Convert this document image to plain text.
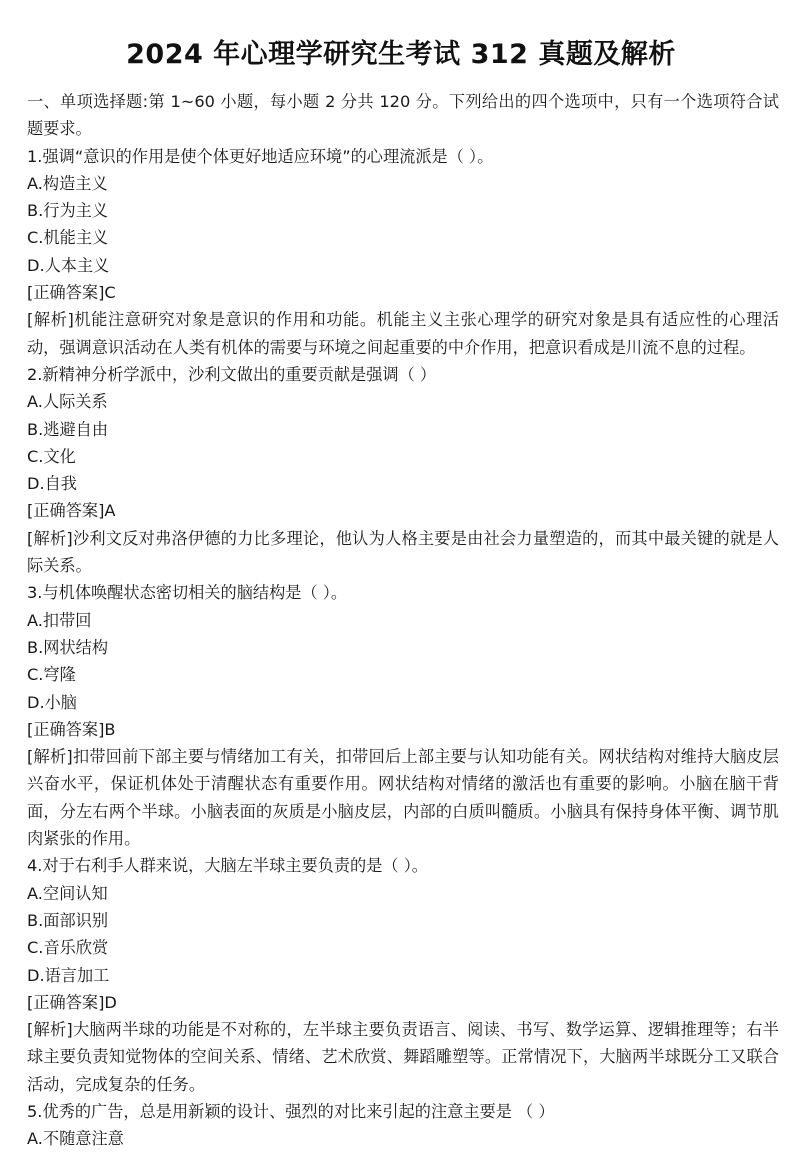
2024 年心理学研究生考试 312 真题及解析
一、单项选择题:第 1~60 小题，每小题 2 分共 120 分。下列给出的四个选项中，只有一个选项符合试题要求。
1.强调“意识的作用是使个体更好地适应环境”的心理流派是（ ）。
A.构造主义
B.行为主义
C.机能主义
D.人本主义
[正确答案]C
[解析]机能注意研究对象是意识的作用和功能。机能主义主张心理学的研究对象是具有适应性的心理活动，强调意识活动在人类有机体的需要与环境之间起重要的中介作用，把意识看成是川流不息的过程。
2.新精神分析学派中，沙利文做出的重要贡献是强调（ ）
A.人际关系
B.逃避自由
C.文化
D.自我
[正确答案]A
[解析]沙利文反对弗洛伊德的力比多理论，他认为人格主要是由社会力量塑造的，而其中最关键的就是人际关系。
3.与机体唤醒状态密切相关的脑结构是（ ）。
A.扣带回
B.网状结构
C.穹隆
D.小脑
[正确答案]B
[解析]扣带回前下部主要与情绪加工有关，扣带回后上部主要与认知功能有关。网状结构对维持大脑皮层兴奋水平，保证机体处于清醒状态有重要作用。网状结构对情绪的激活也有重要的影响。小脑在脑干背面，分左右两个半球。小脑表面的灰质是小脑皮层，内部的白质叫髓质。小脑具有保持身体平衡、调节肌肉紧张的作用。
4.对于右利手人群来说，大脑左半球主要负责的是（ ）。
A.空间认知
B.面部识别
C.音乐欣赏
D.语言加工
[正确答案]D
[解析]大脑两半球的功能是不对称的，左半球主要负责语言、阅读、书写、数学运算、逻辑推理等；右半球主要负责知觉物体的空间关系、情绪、艺术欣赏、舞蹈雕塑等。正常情况下，大脑两半球既分工又联合活动，完成复杂的任务。
5.优秀的广告，总是用新颖的设计、强烈的对比来引起的注意主要是 （ ）
A.不随意注意
